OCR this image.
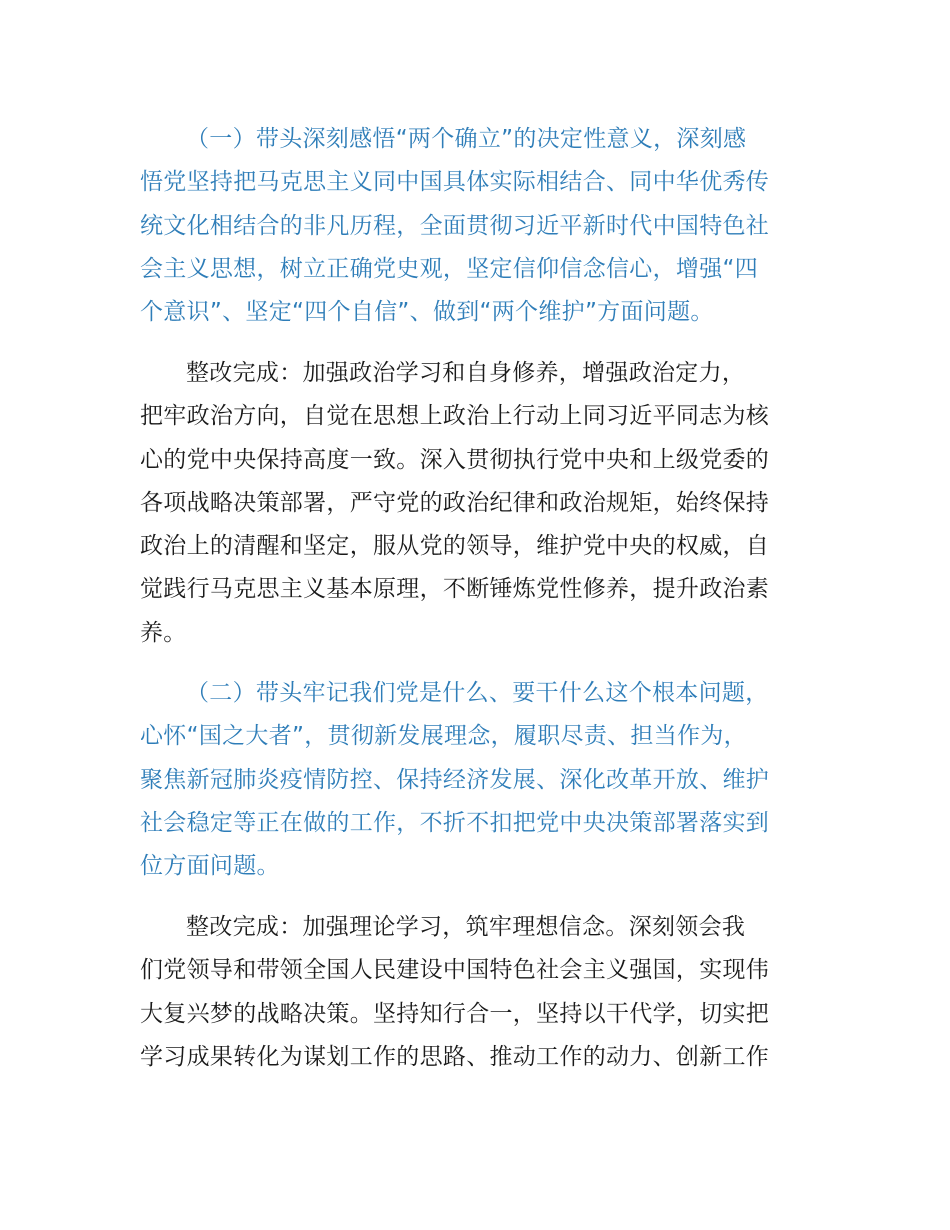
（一）带头深刻感悟“两个确立”的决定性意义，深刻感
悟党坚持把马克思主义同中国具体实际相结合、同中华优秀传
统文化相结合的非凡历程，全面贯彻习近平新时代中国特色社
会主义思想，树立正确党史观，坚定信仰信念信心，增强“四
个意识”、坚定“四个自信”、做到“两个维护”方面问题。

整改完成：加强政治学习和自身修养，增强政治定力，
把牢政治方向，自觉在思想上政治上行动上同习近平同志为核
心的党中央保持高度一致。深入贯彻执行党中央和上级党委的
各项战略决策部署，严守党的政治纪律和政治规矩，始终保持
政治上的清醒和坚定，服从党的领导，维护党中央的权威，自
觉践行马克思主义基本原理，不断锤炼党性修养，提升政治素
养。

（二）带头牢记我们党是什么、要干什么这个根本问题，
心怀“国之大者”，贯彻新发展理念，履职尽责、担当作为，
聚焦新冠肺炎疫情防控、保持经济发展、深化改革开放、维护
社会稳定等正在做的工作，不折不扣把党中央决策部署落实到
位方面问题。

整改完成：加强理论学习，筑牢理想信念。深刻领会我
们党领导和带领全国人民建设中国特色社会主义强国，实现伟
大复兴梦的战略决策。坚持知行合一，坚持以干代学，切实把
学习成果转化为谋划工作的思路、推动工作的动力、创新工作
